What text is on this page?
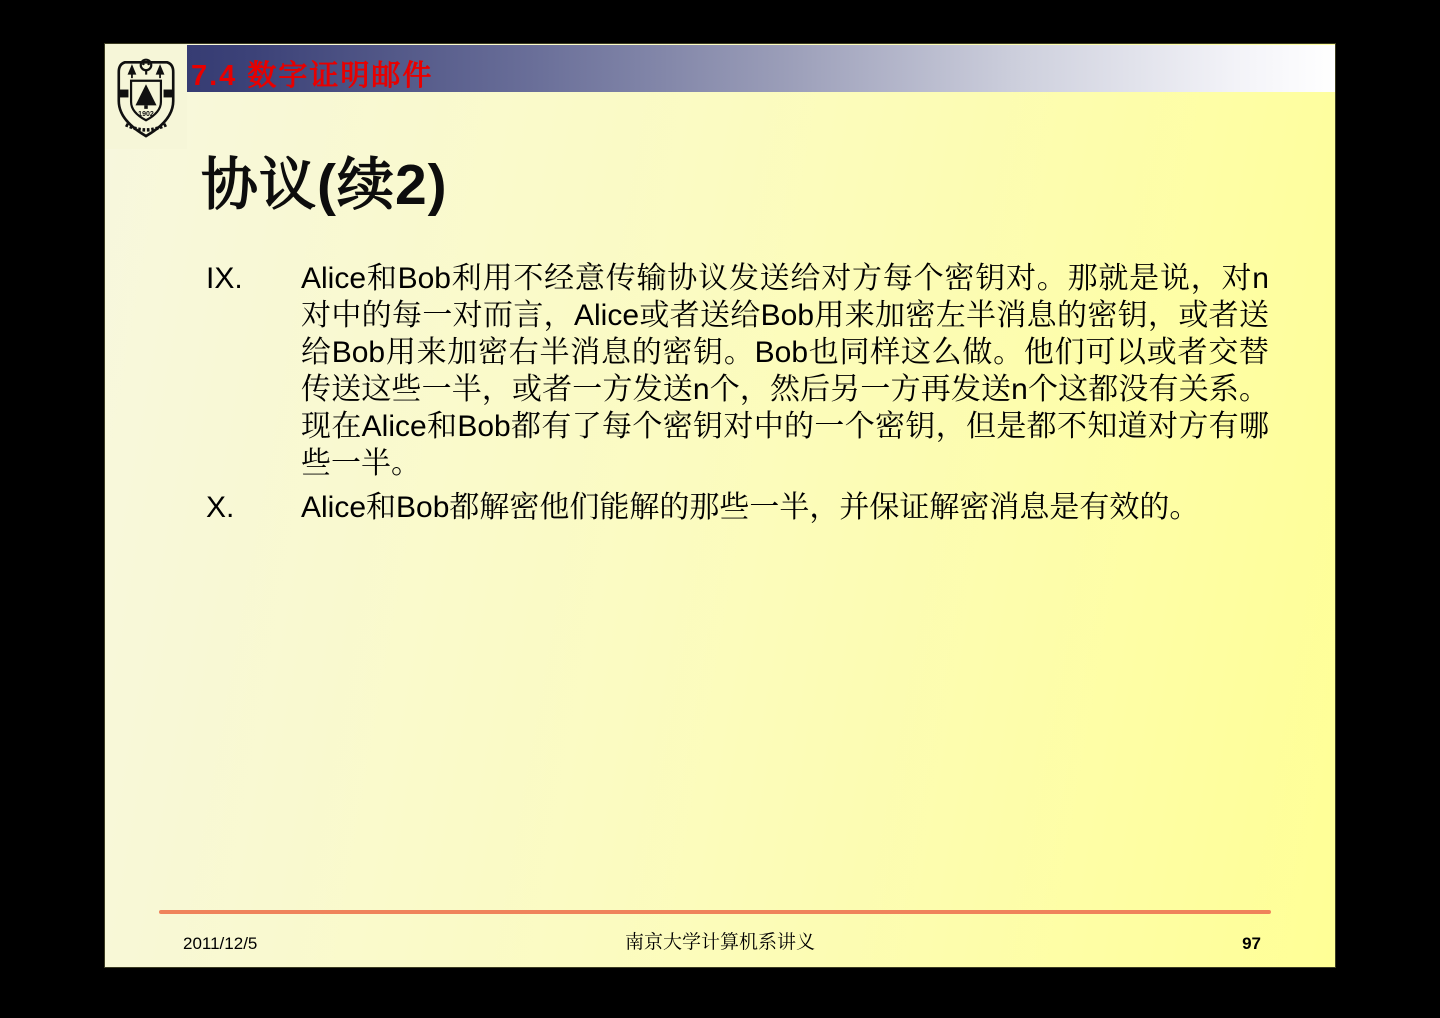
7.4 数字证明邮件
1902
协议(续2)
IX.	Alice和Bob利用不经意传输协议发送给对方每个密钥对。那就是说，对n对中的每一对而言，Alice或者送给Bob用来加密左半消息的密钥，或者送给Bob用来加密右半消息的密钥。Bob也同样这么做。他们可以或者交替传送这些一半，或者一方发送n个，然后另一方再发送n个这都没有关系。现在Alice和Bob都有了每个密钥对中的一个密钥，但是都不知道对方有哪些一半。
X.	Alice和Bob都解密他们能解的那些一半，并保证解密消息是有效的。
2011/12/5	南京大学计算机系讲义	97
